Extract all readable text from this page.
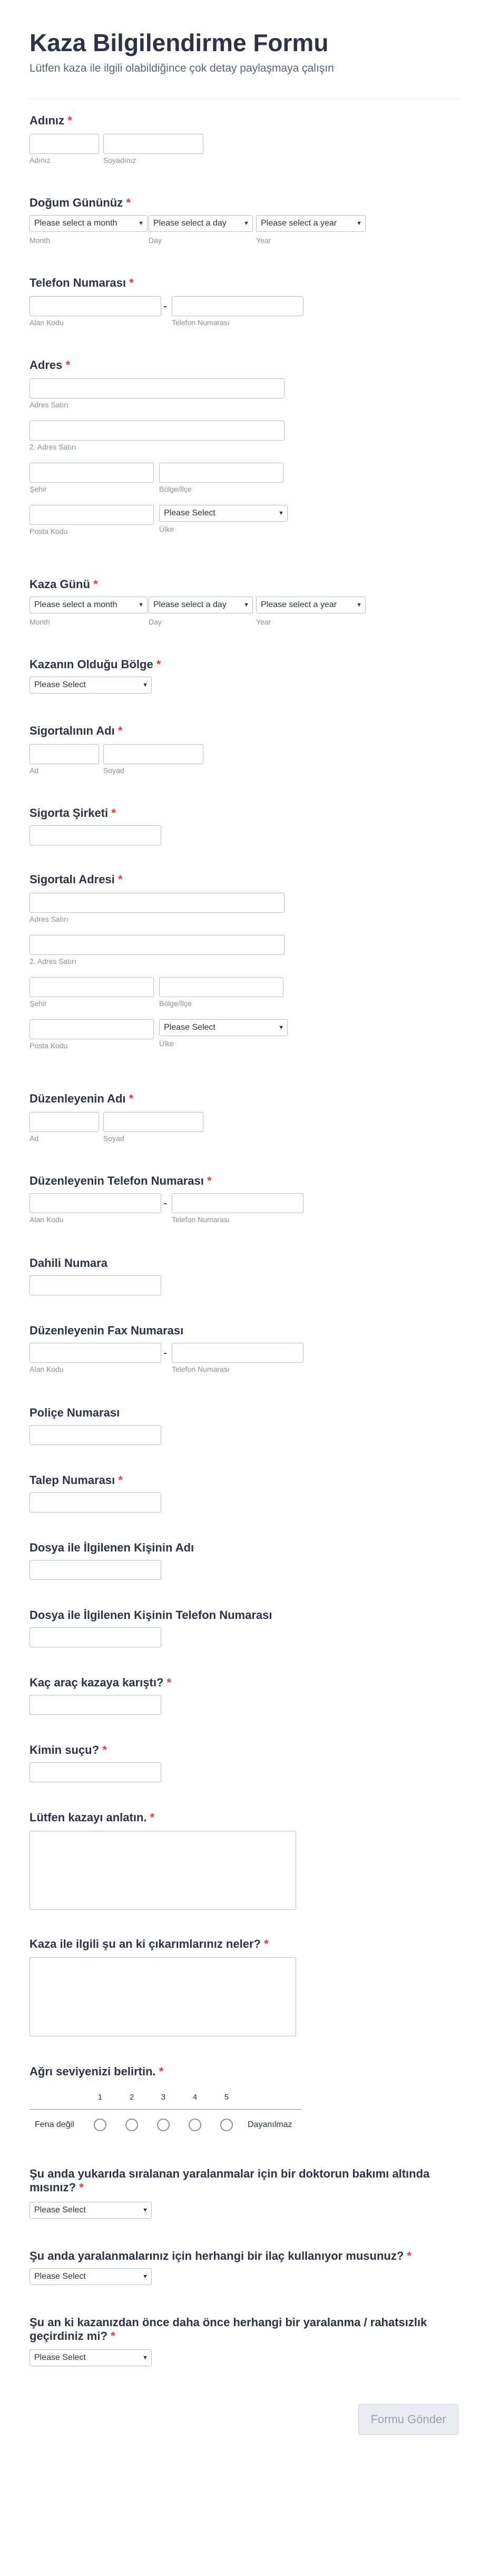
Kaza Bilgilendirme Formu
Lütfen kaza ile ilgili olabildiğince çok detay paylaşmaya çalışın
Adınız *
Adınız	Soyadınız
Doğum Gününüz *
Please select a month	▼	Please select a day	▼	Please select a year	▼
Month	Day	Year
Telefon Numarası *
-
Alan Kodu	Telefon Numarası
Adres *
Adres Satırı
2. Adres Satırı
Şehir	Bölge/İlçe
Please Select	▼
Posta Kodu	Ülke
Kaza Günü *
Please select a month	▼	Please select a day	▼	Please select a year	▼
Month	Day	Year
Kazanın Olduğu Bölge *
Please Select	▼
Sigortalının Adı *
Ad	Soyad
Sigorta Şirketi *
Sigortalı Adresi *
Adres Satırı
2. Adres Satırı
Şehir	Bölge/İlçe
Please Select	▼
Posta Kodu	Ülke
Düzenleyenin Adı *
Ad	Soyad
Düzenleyenin Telefon Numarası *
-
Alan Kodu	Telefon Numarası
Dahili Numara
Düzenleyenin Fax Numarası
-
Alan Kodu	Telefon Numarası
Poliçe Numarası
Talep Numarası *
Dosya ile İlgilenen Kişinin Adı
Dosya ile İlgilenen Kişinin Telefon Numarası
Kaç araç kazaya karıştı? *
Kimin suçu? *
Lütfen kazayı anlatın. *
Kaza ile ilgili şu an ki çıkarımlarınız neler? *
Ağrı seviyenizi belirtin. *
1	2	3	4	5
Fena değil	Dayanılmaz
Şu anda yukarıda sıralanan yaralanmalar için bir doktorun bakımı altında
mısınız? *
Please Select	▼
Şu anda yaralanmalarınız için herhangi bir ilaç kullanıyor musunuz? *
Please Select	▼
Şu an ki kazanızdan önce daha önce herhangi bir yaralanma / rahatsızlık
geçirdiniz mi? *
Please Select	▼
Formu Gönder
